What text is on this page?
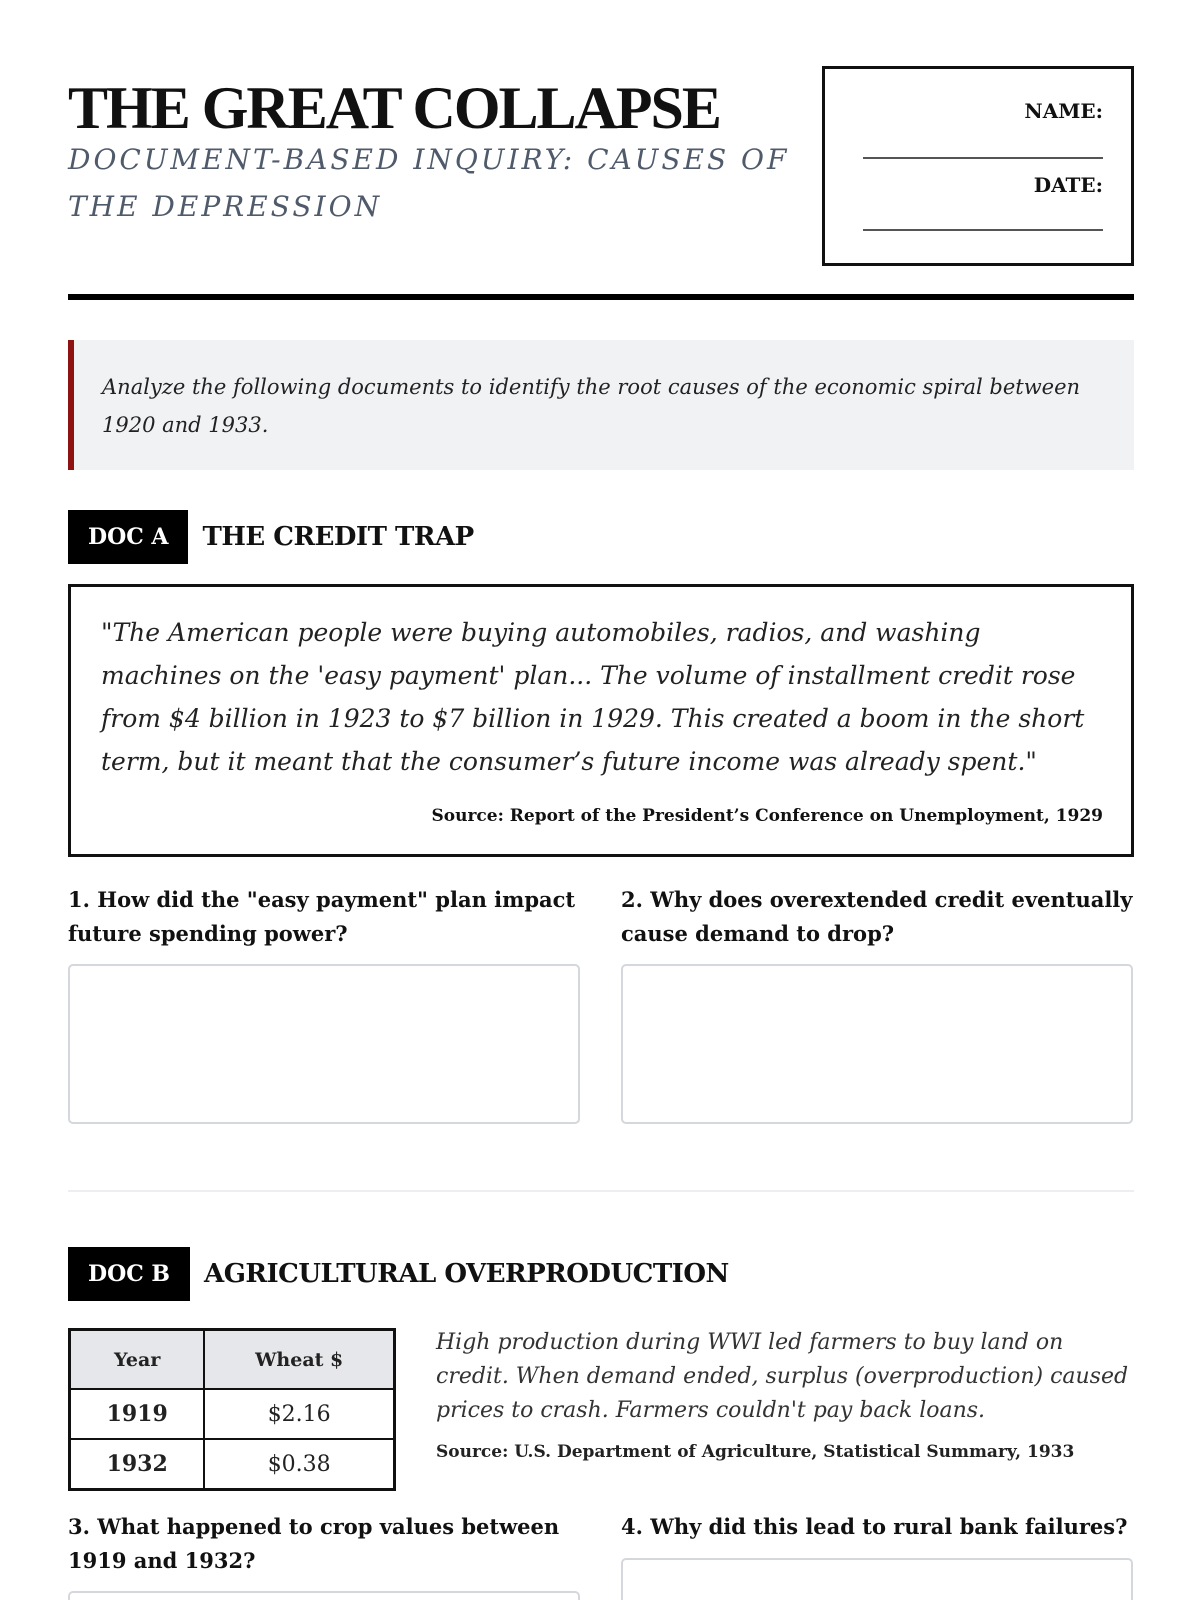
THE GREAT COLLAPSE

DOCUMENT-BASED INQUIRY: CAUSES OF THE DEPRESSION

NAME:
DATE:
Analyze the following documents to identify the root causes of the economic spiral between 1920 and 1933.
DOC A	THE CREDIT TRAP

"The American people were buying automobiles, radios, and washing machines on the 'easy payment' plan... The volume of installment credit rose from $4 billion in 1923 to $7 billion in 1929. This created a boom in the short term, but it meant that the consumer’s future income was already spent."

Source: Report of the President’s Conference on Unemployment, 1929
1. How did the "easy payment" plan impact future spending power?
2. Why does overextended credit eventually cause demand to drop?
DOC B	AGRICULTURAL OVERPRODUCTION
Year	Wheat $
1919	$2.16
1932	$0.38

High production during WWI led farmers to buy land on credit. When demand ended, surplus (overproduction) caused prices to crash. Farmers couldn't pay back loans.

Source: U.S. Department of Agriculture, Statistical Summary, 1933
3. What happened to crop values between 1919 and 1932?
4. Why did this lead to rural bank failures?
